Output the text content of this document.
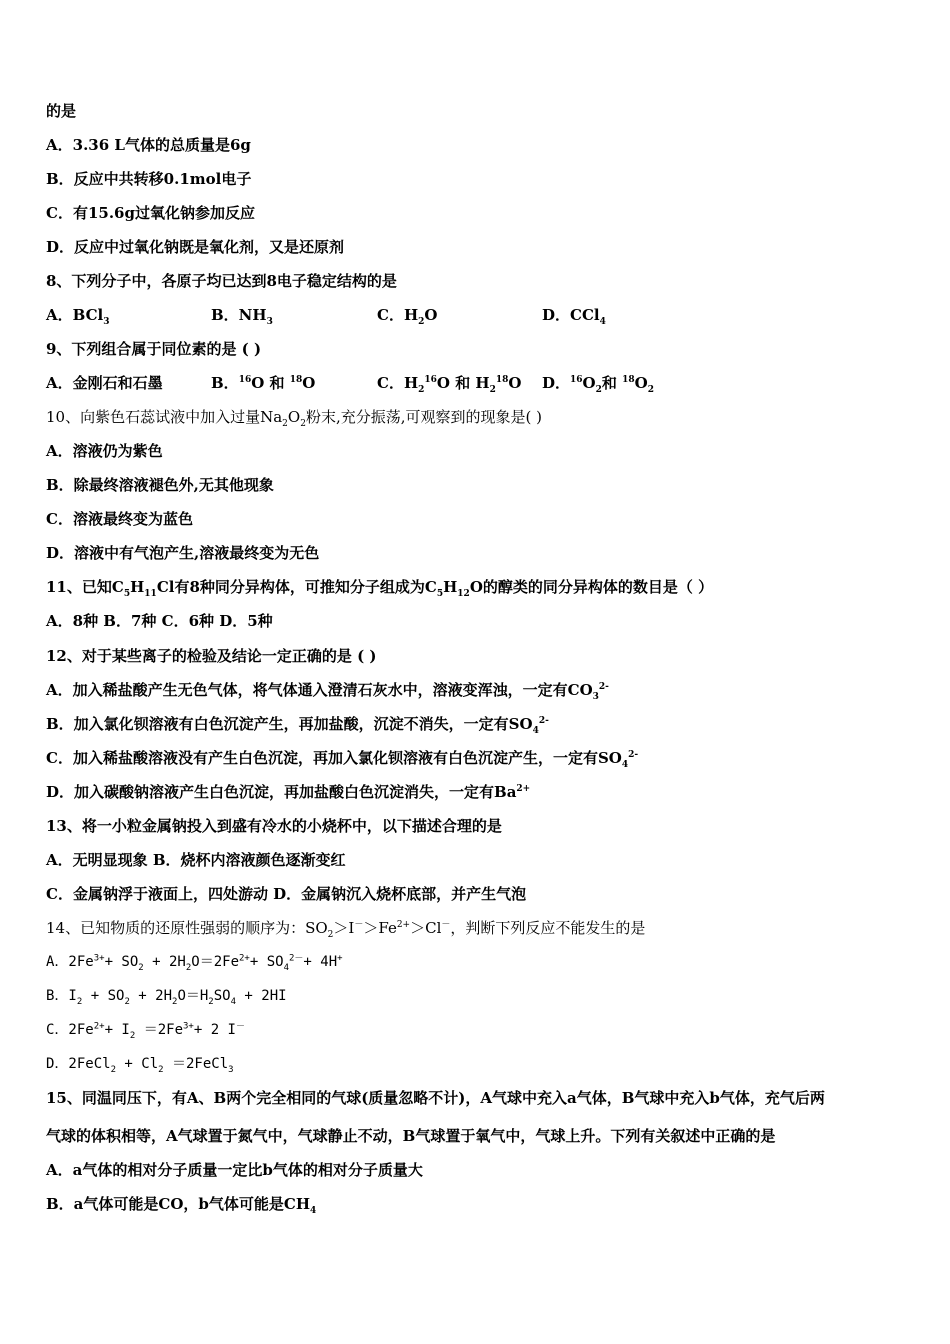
的是
A．3.36 L气体的总质量是6g
B．反应中共转移0.1mol电子
C．有15.6g过氧化钠参加反应
D．反应中过氧化钠既是氧化剂，又是还原剂
8、下列分子中，各原子均已达到8电子稳定结构的是
A．BCl$_3$	B．$NH_3$	C．$H_2O$	D．CCl$_4$
9、下列组合属于同位素的是 ( )
A．金刚石和石墨	B．$^{16}$O 和 $^{18}$O	C．$H_2^{16}O$ 和 $H_2^{18}O$ D．$^{16}O_2$和 $^{18}O_2$
10、向紫色石蕊试液中加入过量$Na_2O_2$粉末,充分振荡,可观察到的现象是( )
A．溶液仍为紫色
B．除最终溶液褪色外,无其他现象
C．溶液最终变为蓝色
D．溶液中有气泡产生,溶液最终变为无色
11、已知$C_5H_{11}Cl$有8种同分异构体，可推知分子组成为$C_5H_{12}O$的醇类的同分异构体的数目是（ ）
A．8种 B．7种 C．6种 D．5种
12、对于某些离子的检验及结论一定正确的是 ( )
A．加入稀盐酸产生无色气体，将气体通入澄清石灰水中，溶液变浑浊，一定有$CO_3^{2-}$
B．加入氯化钡溶液有白色沉淀产生，再加盐酸，沉淀不消失，一定有$SO_4^{2-}$
C．加入稀盐酸溶液没有产生白色沉淀，再加入氯化钡溶液有白色沉淀产生，一定有$SO_4^{2-}$
D．加入碳酸钠溶液产生白色沉淀，再加盐酸白色沉淀消失，一定有$Ba^{2+}$
13、将一小粒金属钠投入到盛有冷水的小烧杯中，以下描述合理的是
A．无明显现象 B．烧杯内溶液颜色逐渐变红
C．金属钠浮于液面上，四处游动 D．金属钠沉入烧杯底部，并产生气泡
14、已知物质的还原性强弱的顺序为：$SO_2>I^->Fe^{2+}>Cl^-$，判断下列反应不能发生的是
A．$2Fe^{3+}+ SO_2 + 2H_2O=2Fe^{2+}+ SO_4^{2-}+ 4H^+$
B．$I_2 + SO_2 + 2H_2O=H_2SO_4 + 2HI$
C．$2Fe^{2+}+ I_2 =2Fe^{3+}+ 2$ I－
D．2FeCl$_2$ + $Cl_2$ ＝2FeCl$_3$
15、同温同压下，有A、B两个完全相同的气球(质量忽略不计)，A气球中充入a气体，B气球中充入b气体，充气后两
气球的体积相等，A气球置于氮气中，气球静止不动，B气球置于氧气中，气球上升。下列有关叙述中正确的是
A．a气体的相对分子质量一定比b气体的相对分子质量大
B．a气体可能是CO，b气体可能是$CH_4$
